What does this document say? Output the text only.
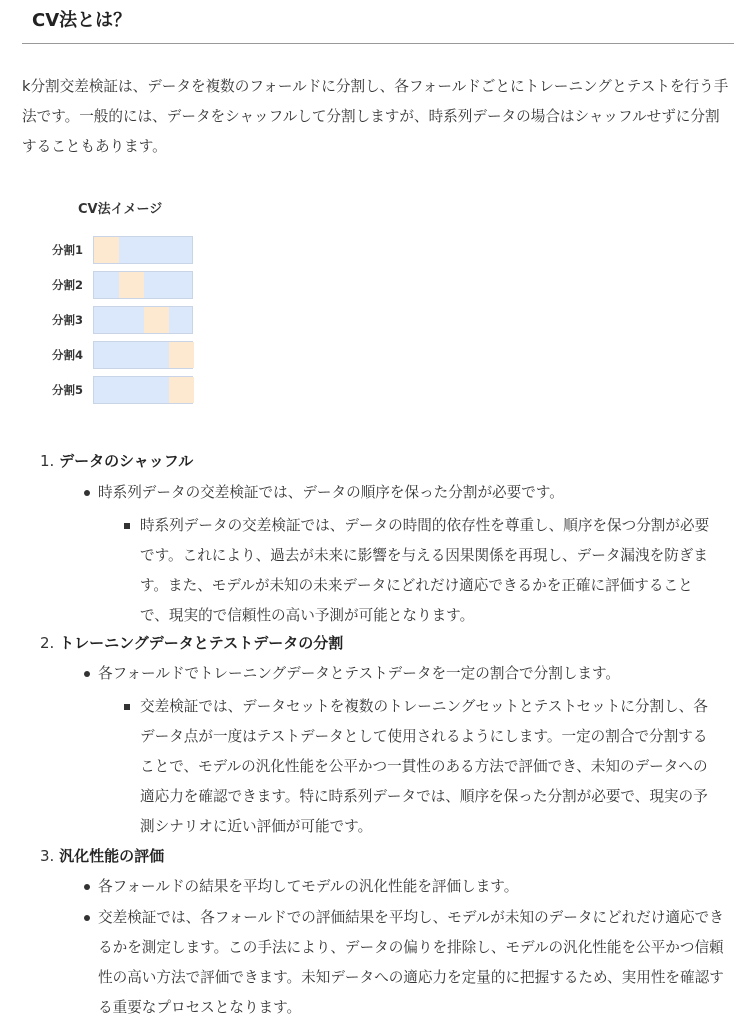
CV法とは？

k分割交差検証は、データを複数のフォールドに分割し、各フォールドごとにトレーニングとテストを行う手法です。一般的には、データをシャッフルして分割しますが、時系列データの場合はシャッフルせずに分割することもあります。

CV法イメージ
分割1
分割2
分割3
分割4
分割5
1. データのシャッフル

時系列データの交差検証では、データの順序を保った分割が必要です。

時系列データの交差検証では、データの時間的依存性を尊重し、順序を保つ分割が必要です。これにより、過去が未来に影響を与える因果関係を再現し、データ漏洩を防ぎます。また、モデルが未知の未来データにどれだけ適応できるかを正確に評価することで、現実的で信頼性の高い予測が可能となります。

2. トレーニングデータとテストデータの分割

各フォールドでトレーニングデータとテストデータを一定の割合で分割します。

交差検証では、データセットを複数のトレーニングセットとテストセットに分割し、各データ点が一度はテストデータとして使用されるようにします。一定の割合で分割することで、モデルの汎化性能を公平かつ一貫性のある方法で評価でき、未知のデータへの適応力を確認できます。特に時系列データでは、順序を保った分割が必要で、現実の予測シナリオに近い評価が可能です。

3. 汎化性能の評価

各フォールドの結果を平均してモデルの汎化性能を評価します。

交差検証では、各フォールドでの評価結果を平均し、モデルが未知のデータにどれだけ適応できるかを測定します。この手法により、データの偏りを排除し、モデルの汎化性能を公平かつ信頼性の高い方法で評価できます。未知データへの適応力を定量的に把握するため、実用性を確認する重要なプロセスとなります。
